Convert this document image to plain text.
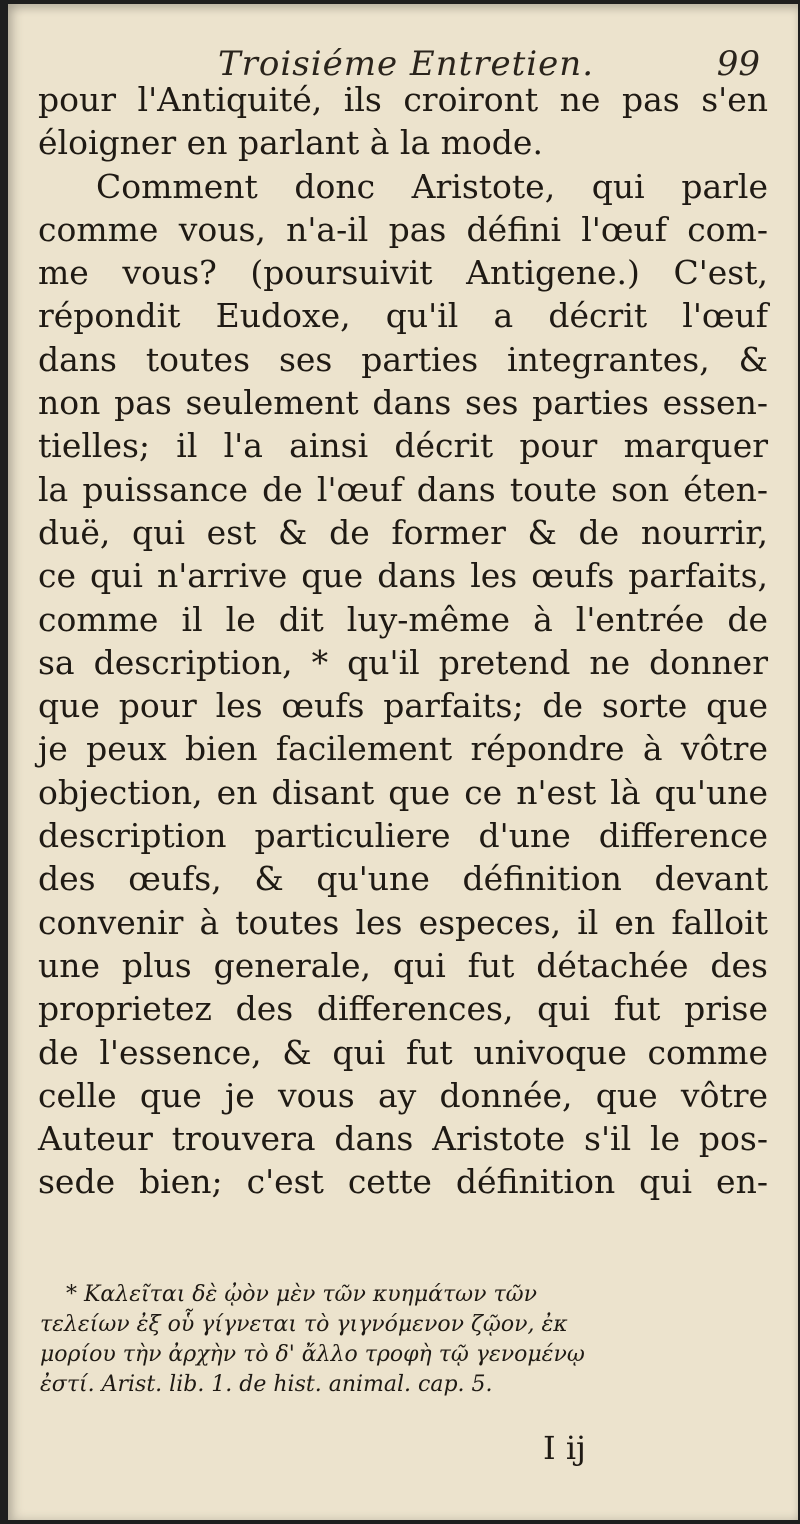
Troisiéme Entretien.	99
pour l'Antiquité, ils croiront ne pas s'en
éloigner en parlant à la mode.
Comment donc Aristote, qui parle
comme vous, n'a-il pas défini l'œuf com-
me vous? (poursuivit Antigene.) C'est,
répondit Eudoxe, qu'il a décrit l'œuf
dans toutes ses parties integrantes, &
non pas seulement dans ses parties essen-
tielles; il l'a ainsi décrit pour marquer
la puissance de l'œuf dans toute son éten-
duë, qui est & de former & de nourrir,
ce qui n'arrive que dans les œufs parfaits,
comme il le dit luy-même à l'entrée de
sa description, * qu'il pretend ne donner
que pour les œufs parfaits; de sorte que
je peux bien facilement répondre à vôtre
objection, en disant que ce n'est là qu'une
description particuliere d'une difference
des œufs, & qu'une définition devant
convenir à toutes les especes, il en falloit
une plus generale, qui fut détachée des
proprietez des differences, qui fut prise
de l'essence, & qui fut univoque comme
celle que je vous ay donnée, que vôtre
Auteur trouvera dans Aristote s'il le pos-
sede bien; c'est cette définition qui en-
* Καλεῖται δὲ ᾠὸν μὲν τῶν κυημάτων τῶν
τελείων ἐξ οὗ γίγνεται τὸ γιγνόμενον ζῷον, ἐκ
μορίου τὴν ἀρχὴν τὸ δ' ἄλλο τροφὴ τῷ γενομένῳ
ἐστί. Arist. lib. 1. de hist. animal. cap. 5.
I ij
